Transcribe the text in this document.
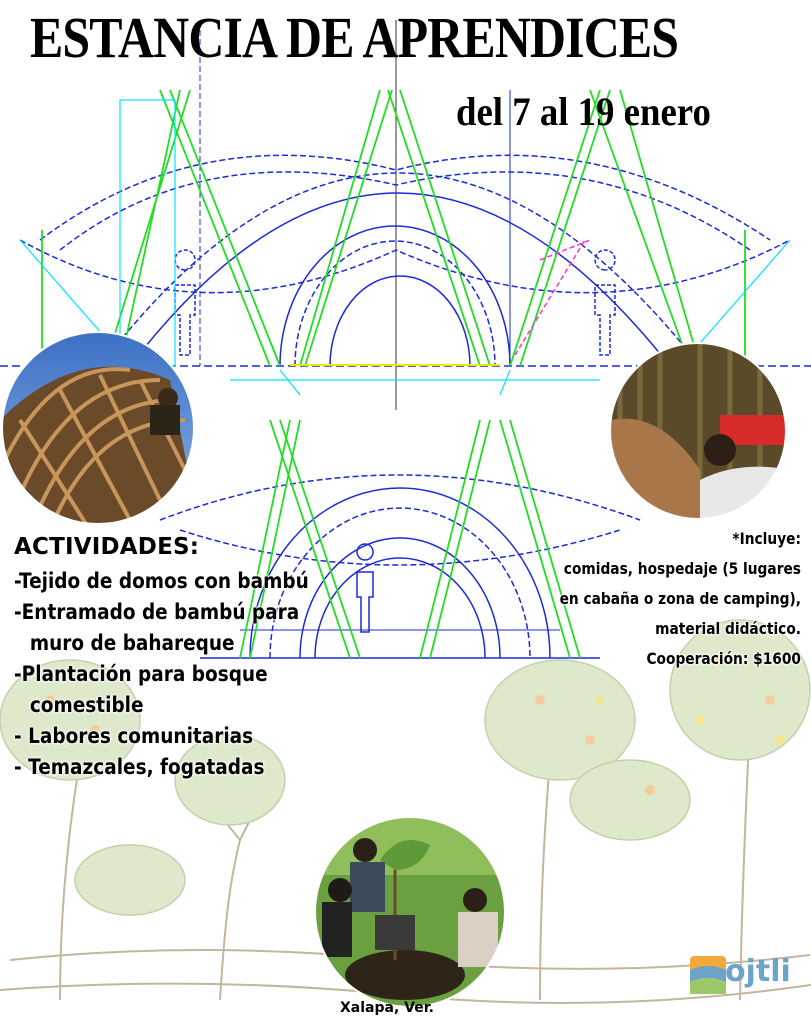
ESTANCIA DE APRENDICES
del 7 al 19 enero
ACTIVIDADES:
-Tejido de domos con bambú
-Entramado de bambú para
muro de bahareque
-Plantación para bosque
comestible
- Labores comunitarias
- Temazcales, fogatadas
*Incluye:
comidas, hospedaje (5 lugares
en cabaña o zona de camping),
material didáctico.
Cooperación: $1600
Xalapa, Ver.
ojtli
